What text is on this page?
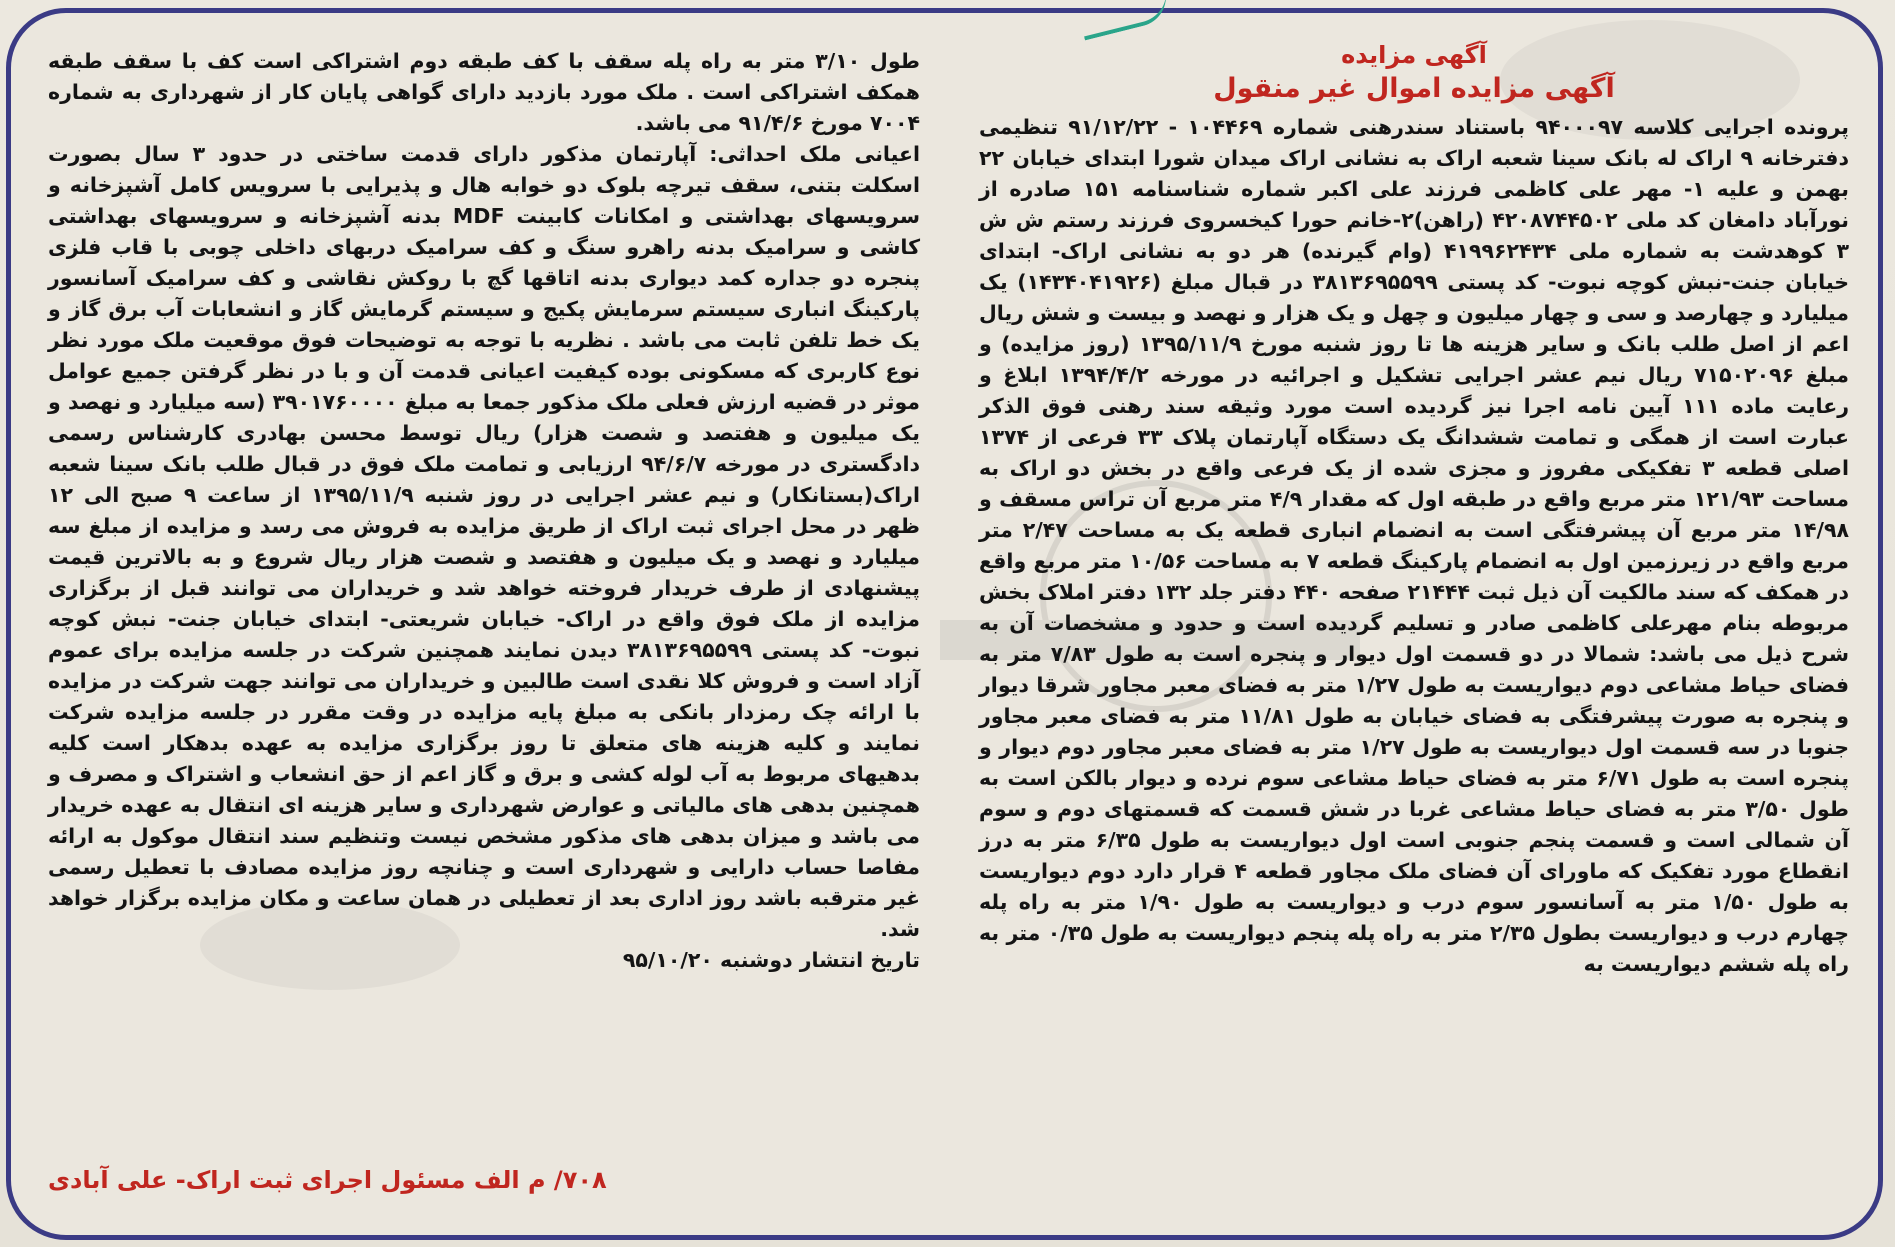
آگهی مزایده

آگهی مزایده اموال غیر منقول

پرونده اجرایی کلاسه ۹۴۰۰۰۹۷ باستناد سندرهنی شماره ۱۰۴۴۶۹ - ۹۱/۱۲/۲۲ تنظیمی دفترخانه ۹ اراک له بانک سینا شعبه اراک به نشانی اراک میدان شورا ابتدای خیابان ۲۲ بهمن و علیه ۱- مهر علی کاظمی فرزند علی اکبر شماره شناسنامه ۱۵۱ صادره از نورآباد دامغان کد ملی ۴۲۰۸۷۴۴۵۰۲ (راهن)۲-خانم حورا کیخسروی فرزند رستم ش ش ۳ کوهدشت به شماره ملی ۴۱۹۹۶۲۴۳۴ (وام گیرنده) هر دو به نشانی اراک- ابتدای خیابان جنت-نبش کوچه نبوت- کد پستی ۳۸۱۳۶۹۵۵۹۹ در قبال مبلغ (۱۴۳۴۰۴۱۹۲۶) یک میلیارد و چهارصد و سی و چهار میلیون و چهل و یک هزار و نهصد و بیست و شش ریال اعم از اصل طلب بانک و سایر هزینه ها تا روز شنبه مورخ ۱۳۹۵/۱۱/۹ (روز مزایده) و مبلغ ۷۱۵۰۲۰۹۶ ریال نیم عشر اجرایی تشکیل و اجرائیه در مورخه ۱۳۹۴/۴/۲ ابلاغ و رعایت ماده ۱۱۱ آیین نامه اجرا نیز گردیده است مورد وثیقه سند رهنی فوق الذکر عبارت است از همگی و تمامت ششدانگ یک دستگاه آپارتمان پلاک ۳۳ فرعی از ۱۳۷۴ اصلی قطعه ۳ تفکیکی مفروز و مجزی شده از یک فرعی واقع در بخش دو اراک به مساحت ۱۲۱/۹۳ متر مربع واقع در طبقه اول که مقدار ۴/۹ متر مربع آن تراس مسقف و ۱۴/۹۸ متر مربع آن پیشرفتگی است به انضمام انباری قطعه یک به مساحت ۲/۴۷ متر مربع واقع در زیرزمین اول به انضمام پارکینگ قطعه ۷ به مساحت ۱۰/۵۶ متر مربع واقع در همکف که سند مالکیت آن ذیل ثبت ۲۱۴۴۴ صفحه ۴۴۰ دفتر جلد ۱۳۲ دفتر املاک بخش مربوطه بنام مهرعلی کاظمی صادر و تسلیم گردیده است و حدود و مشخصات آن به شرح ذیل می باشد: شمالا در دو قسمت اول دیوار و پنجره است به طول ۷/۸۳ متر به فضای حیاط مشاعی دوم دیواریست به طول ۱/۲۷ متر به فضای معبر مجاور شرقا دیوار و پنجره به صورت پیشرفتگی به فضای خیابان به طول ۱۱/۸۱ متر به فضای معبر مجاور جنوبا در سه قسمت اول دیواریست به طول ۱/۲۷ متر به فضای معبر مجاور دوم دیوار و پنجره است به طول ۶/۷۱ متر به فضای حیاط مشاعی سوم نرده و دیوار بالکن است به طول ۳/۵۰ متر به فضای حیاط مشاعی غربا در شش قسمت که قسمتهای دوم و سوم آن شمالی است و قسمت پنجم جنوبی است اول دیواریست به طول ۶/۳۵ متر به درز انقطاع مورد تفکیک که ماورای آن فضای ملک مجاور قطعه ۴ قرار دارد دوم دیواریست به طول ۱/۵۰ متر به آسانسور سوم درب و دیواریست به طول ۱/۹۰ متر به راه پله چهارم درب و دیواریست بطول ۲/۳۵ متر به راه پله پنجم دیواریست به طول ۰/۳۵ متر به راه پله ششم دیواریست به

طول ۳/۱۰ متر به راه پله سقف با کف طبقه دوم اشتراکی است کف با سقف طبقه همکف اشتراکی است . ملک مورد بازدید دارای گواهی پایان کار از شهرداری به شماره ۷۰۰۴ مورخ ۹۱/۴/۶ می باشد.

اعیانی ملک احداثی: آپارتمان مذکور دارای قدمت ساختی در حدود ۳ سال بصورت اسکلت بتنی، سقف تیرچه بلوک دو خوابه هال و پذیرایی با سرویس کامل آشپزخانه و سرویسهای بهداشتی و امکانات کابینت MDF بدنه آشپزخانه و سرویسهای بهداشتی کاشی و سرامیک بدنه راهرو سنگ و کف سرامیک دربهای داخلی چوبی با قاب فلزی پنجره دو جداره کمد دیواری بدنه اتاقها گچ با روکش نقاشی و کف سرامیک آسانسور پارکینگ انباری سیستم سرمایش پکیج و سیستم گرمایش گاز و انشعابات آب برق گاز و یک خط تلفن ثابت می باشد . نظریه با توجه به توضیحات فوق موقعیت ملک مورد نظر نوع کاربری که مسکونی بوده کیفیت اعیانی قدمت آن و با در نظر گرفتن جمیع عوامل موثر در قضیه ارزش فعلی ملک مذکور جمعا به مبلغ ۳۹۰۱۷۶۰۰۰۰ (سه میلیارد و نهصد و یک میلیون و هفتصد و شصت هزار) ریال توسط محسن بهادری کارشناس رسمی دادگستری در مورخه ۹۴/۶/۷ ارزیابی و تمامت ملک فوق در قبال طلب بانک سینا شعبه اراک(بستانکار) و نیم عشر اجرایی در روز شنبه ۱۳۹۵/۱۱/۹ از ساعت ۹ صبح الی ۱۲ ظهر در محل اجرای ثبت اراک از طریق مزایده به فروش می رسد و مزایده از مبلغ سه میلیارد و نهصد و یک میلیون و هفتصد و شصت هزار ریال شروع و به بالاترین قیمت پیشنهادی از طرف خریدار فروخته خواهد شد و خریداران می توانند قبل از برگزاری مزایده از ملک فوق واقع در اراک- خیابان شریعتی- ابتدای خیابان جنت- نبش کوچه نبوت- کد پستی ۳۸۱۳۶۹۵۵۹۹ دیدن نمایند همچنین شرکت در جلسه مزایده برای عموم آزاد است و فروش کلا نقدی است طالبین و خریداران می توانند جهت شرکت در مزایده با ارائه چک رمزدار بانکی به مبلغ پایه مزایده در وقت مقرر در جلسه مزایده شرکت نمایند و کلیه هزینه های متعلق تا روز برگزاری مزایده به عهده بدهکار است کلیه بدهیهای مربوط به آب لوله کشی و برق و گاز اعم از حق انشعاب و اشتراک و مصرف و همچنین بدهی های مالیاتی و عوارض شهرداری و سایر هزینه ای انتقال به عهده خریدار می باشد و میزان بدهی های مذکور مشخص نیست وتنظیم سند انتقال موکول به ارائه مفاصا حساب دارایی و شهرداری است و چنانچه روز مزایده مصادف با تعطیل رسمی غیر مترقبه باشد روز اداری بعد از تعطیلی در همان ساعت و مکان مزایده برگزار خواهد شد.

تاریخ انتشار دوشنبه ۹۵/۱۰/۲۰

۷۰۸/ م الف مسئول اجرای ثبت اراک- علی آبادی
